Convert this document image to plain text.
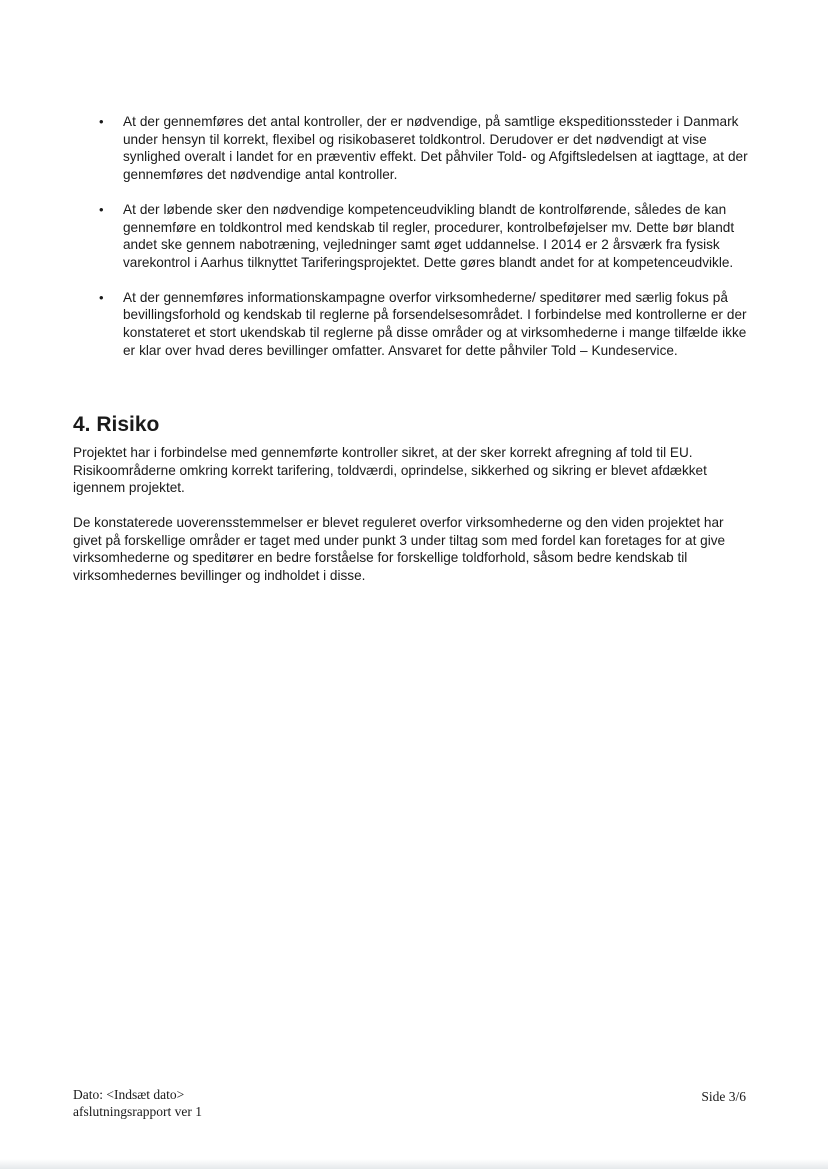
• At der gennemføres det antal kontroller, der er nødvendige, på samtlige ekspeditionssteder i Danmark under hensyn til korrekt, flexibel og risikobaseret toldkontrol. Derudover er det nødvendigt at vise synlighed overalt i landet for en præventiv effekt. Det påhviler Told- og Afgiftsledelsen at iagttage, at der gennemføres det nødvendige antal kontroller.
• At der løbende sker den nødvendige kompetenceudvikling blandt de kontrolførende, således de kan gennemføre en toldkontrol med kendskab til regler, procedurer, kontrolbeføjelser mv. Dette bør blandt andet ske gennem nabotræning, vejledninger samt øget uddannelse. I 2014 er 2 årsværk fra fysisk varekontrol i Aarhus tilknyttet Tariferingsprojektet. Dette gøres blandt andet for at kompetenceudvikle.
• At der gennemføres informationskampagne overfor virksomhederne/ speditører med særlig fokus på bevillingsforhold og kendskab til reglerne på forsendelsesområdet. I forbindelse med kontrollerne er der konstateret et stort ukendskab til reglerne på disse områder og at virksomhederne i mange tilfælde ikke er klar over hvad deres bevillinger omfatter. Ansvaret for dette påhviler Told – Kundeservice.
4. Risiko

Projektet har i forbindelse med gennemførte kontroller sikret, at der sker korrekt afregning af told til EU. Risikoområderne omkring korrekt tarifering, toldværdi, oprindelse, sikkerhed og sikring er blevet afdækket igennem projektet.

De konstaterede uoverensstemmelser er blevet reguleret overfor virksomhederne og den viden projektet har givet på forskellige områder er taget med under punkt 3 under tiltag som med fordel kan foretages for at give virksomhederne og speditører en bedre forståelse for forskellige toldforhold, såsom bedre kendskab til virksomhedernes bevillinger og indholdet i disse.

Dato: <Indsæt dato>
afslutningsrapport ver 1
Side 3/6
